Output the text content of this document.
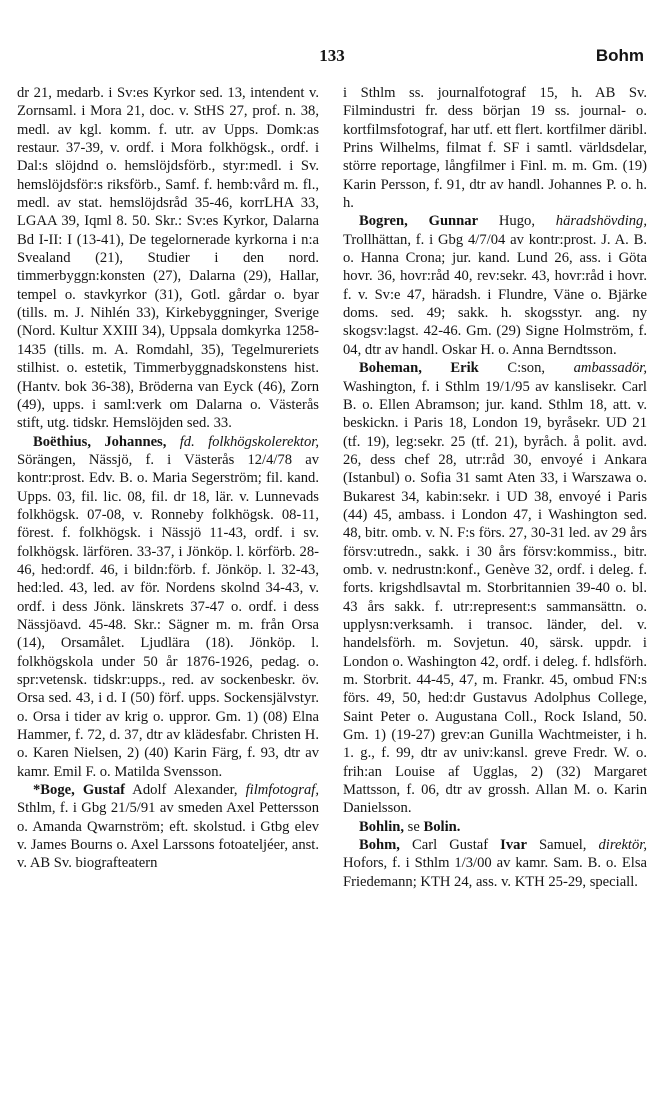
133	Bohm

dr 21, medarb. i Sv:es Kyrkor sed. 13, intendent v. Zornsaml. i Mora 21, doc. v. StHS 27, prof. n. 38, medl. av kgl. komm. f. utr. av Upps. Domk:as restaur. 37-39, v. ordf. i Mora folkhögsk., ordf. i Dal:s slöjdnd o. hemslöjdsförb., styr:medl. i Sv. hemslöjdsför:s riksförb., Samf. f. hemb:vård m. fl., medl. av stat. hemslöjdsråd 35-46, korrLHA 33, LGAA 39, Iqml 8. 50. Skr.: Sv:es Kyrkor, Dalarna Bd I-II: I (13-41), De tegelornerade kyrkorna i n:a Svealand (21), Studier i den nord. timmerbyggn:konsten (27), Dalarna (29), Hallar, tempel o. stavkyrkor (31), Gotl. gårdar o. byar (tills. m. J. Nihlén 33), Kirkebyggninger, Sverige (Nord. Kultur XXIII 34), Uppsala domkyrka 1258-1435 (tills. m. A. Romdahl, 35), Tegelmureriets stilhist. o. estetik, Timmerbyggnadskonstens hist. (Hantv. bok 36-38), Bröderna van Eyck (46), Zorn (49), upps. i saml:verk om Dalarna o. Västerås stift, utg. tidskr. Hemslöjden sed. 33.

Boëthius, Johannes, fd. folkhögskolerektor, Sörängen, Nässjö, f. i Västerås 12/4/78 av kontr:prost. Edv. B. o. Maria Segerström; fil. kand. Upps. 03, fil. lic. 08, fil. dr 18, lär. v. Lunnevads folkhögsk. 07-08, v. Ronneby folkhögsk. 08-11, förest. f. folkhögsk. i Nässjö 11-43, ordf. i sv. folkhögsk. lärfören. 33-37, i Jönköp. l. körförb. 28-46, hed:ordf. 46, i bildn:förb. f. Jönköp. l. 32-43, hed:led. 43, led. av för. Nordens skolnd 34-43, v. ordf. i dess Jönk. länskrets 37-47 o. ordf. i dess Nässjöavd. 45-48. Skr.: Sägner m. m. från Orsa (14), Orsamålet. Ljudlära (18). Jönköp. l. folkhögskola under 50 år 1876-1926, pedag. o. spr:vetensk. tidskr:upps., red. av sockenbeskr. öv. Orsa sed. 43, i d. I (50) förf. upps. Sockensjälvstyr. o. Orsa i tider av krig o. uppror. Gm. 1) (08) Elna Hammer, f. 72, d. 37, dtr av klädesfabr. Christen H. o. Karen Nielsen, 2) (40) Karin Färg, f. 93, dtr av kamr. Emil F. o. Matilda Svensson.

*Boge, Gustaf Adolf Alexander, filmfotograf, Sthlm, f. i Gbg 21/5/91 av smeden Axel Pettersson o. Amanda Qwarnström; eft. skolstud. i Gtbg elev v. James Bourns o. Axel Larssons fotoateljéer, anst. v. AB Sv. biografteatern

i Sthlm ss. journalfotograf 15, h. AB Sv. Filmindustri fr. dess början 19 ss. journal- o. kortfilmsfotograf, har utf. ett flert. kortfilmer däribl. Prins Wilhelms, filmat f. SF i samtl. världsdelar, större reportage, långfilmer i Finl. m. m. Gm. (19) Karin Persson, f. 91, dtr av handl. Johannes P. o. h. h.

Bogren, Gunnar Hugo, häradshövding, Trollhättan, f. i Gbg 4/7/04 av kontr:prost. J. A. B. o. Hanna Crona; jur. kand. Lund 26, ass. i Göta hovr. 36, hovr:råd 40, rev:sekr. 43, hovr:råd i hovr. f. v. Sv:e 47, häradsh. i Flundre, Väne o. Bjärke doms. sed. 49; sakk. h. skogsstyr. ang. ny skogsv:lagst. 42-46. Gm. (29) Signe Holmström, f. 04, dtr av handl. Oskar H. o. Anna Berndtsson.

Boheman, Erik C:son, ambassadör, Washington, f. i Sthlm 19/1/95 av kanslisekr. Carl B. o. Ellen Abramson; jur. kand. Sthlm 18, att. v. beskickn. i Paris 18, London 19, byråsekr. UD 21 (tf. 19), leg:sekr. 25 (tf. 21), byråch. å polit. avd. 26, dess chef 28, utr:råd 30, envoyé i Ankara (Istanbul) o. Sofia 31 samt Aten 33, i Warszawa o. Bukarest 34, kabin:sekr. i UD 38, envoyé i Paris (44) 45, ambass. i London 47, i Washington sed. 48, bitr. omb. v. N. F:s förs. 27, 30-31 led. av 29 års försv:utredn., sakk. i 30 års försv:kommiss., bitr. omb. v. nedrustn:konf., Genève 32, ordf. i deleg. f. forts. krigshdlsavtal m. Storbritannien 39-40 o. bl. 43 års sakk. f. utr:represent:s sammansättn. o. upplysn:verksamh. i transoc. länder, del. v. handelsförh. m. Sovjetun. 40, särsk. uppdr. i London o. Washington 42, ordf. i deleg. f. hdlsförh. m. Storbrit. 44-45, 47, m. Frankr. 45, ombud FN:s förs. 49, 50, hed:dr Gustavus Adolphus College, Saint Peter o. Augustana Coll., Rock Island, 50. Gm. 1) (19-27) grev:an Gunilla Wachtmeister, i h. 1. g., f. 99, dtr av univ:kansl. greve Fredr. W. o. frih:an Louise af Ugglas, 2) (32) Margaret Mattsson, f. 06, dtr av grossh. Allan M. o. Karin Danielsson.

Bohlin, se Bolin.

Bohm, Carl Gustaf Ivar Samuel, direktör, Hofors, f. i Sthlm 1/3/00 av kamr. Sam. B. o. Elsa Friedemann; KTH 24, ass. v. KTH 25-29, speciall.
